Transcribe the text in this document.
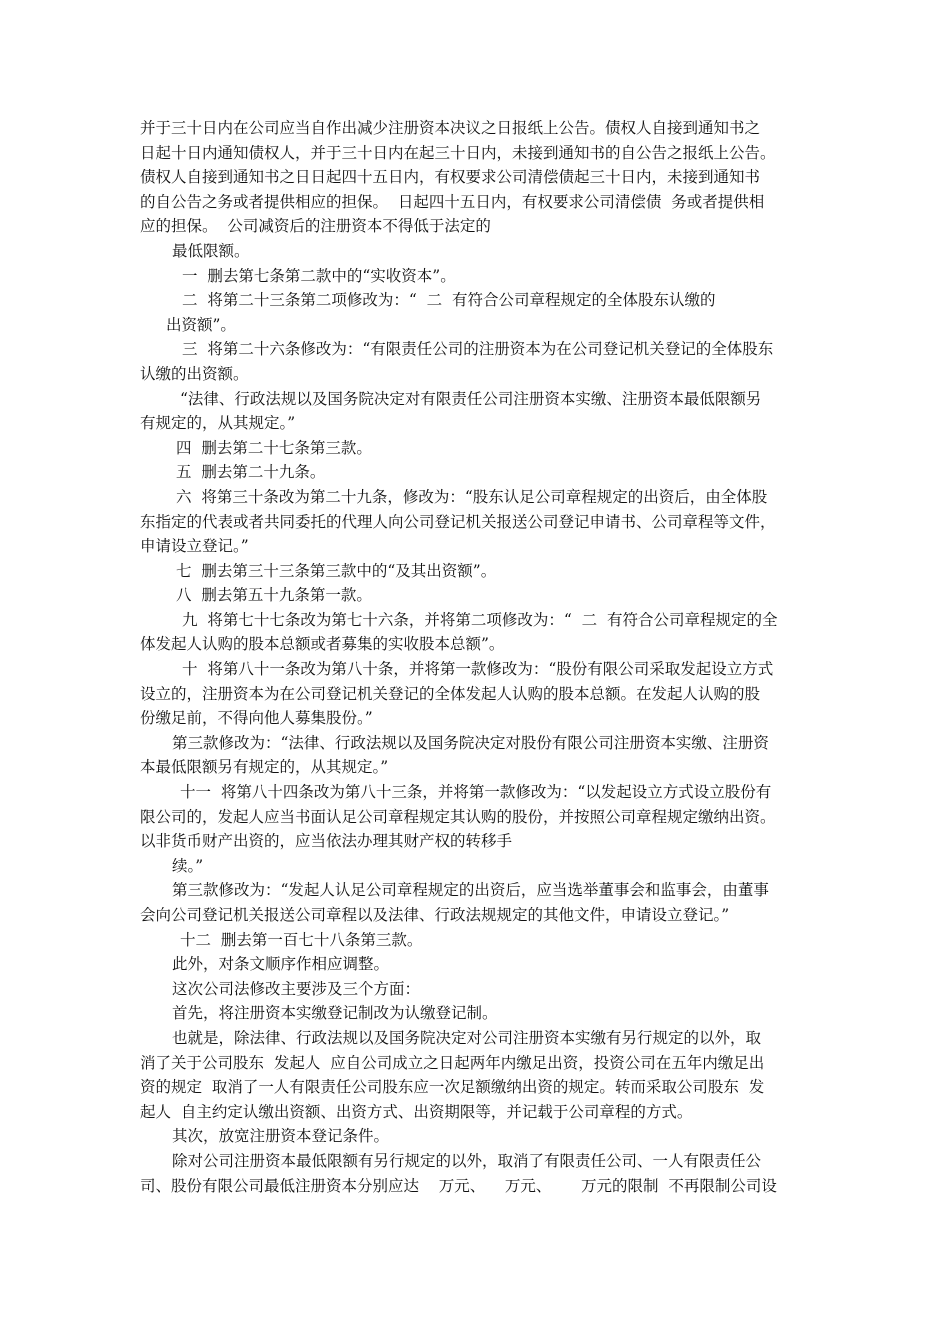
并于三十日内在公司应当自作出减少注册资本决议之日报纸上公告。债权人自接到通知书之
日起十日内通知债权人，并于三十日内在起三十日内，未接到通知书的自公告之报纸上公告。
债权人自接到通知书之日日起四十五日内，有权要求公司清偿债起三十日内，未接到通知书
的自公告之务或者提供相应的担保。  日起四十五日内，有权要求公司清偿债  务或者提供相
应的担保。  公司减资后的注册资本不得低于法定的
最低限额。
一  删去第七条第二款中的“实收资本”。
二  将第二十三条第二项修改为：“  二  有符合公司章程规定的全体股东认缴的
出资额”。
三  将第二十六条修改为：“有限责任公司的注册资本为在公司登记机关登记的全体股东
认缴的出资额。
“法律、行政法规以及国务院决定对有限责任公司注册资本实缴、注册资本最低限额另
有规定的，从其规定。”
四  删去第二十七条第三款。
五  删去第二十九条。
六  将第三十条改为第二十九条，修改为：“股东认足公司章程规定的出资后，由全体股
东指定的代表或者共同委托的代理人向公司登记机关报送公司登记申请书、公司章程等文件，
申请设立登记。”
七  删去第三十三条第三款中的“及其出资额”。
八  删去第五十九条第一款。
九  将第七十七条改为第七十六条，并将第二项修改为：“  二  有符合公司章程规定的全
体发起人认购的股本总额或者募集的实收股本总额”。
十  将第八十一条改为第八十条，并将第一款修改为：“股份有限公司采取发起设立方式
设立的，注册资本为在公司登记机关登记的全体发起人认购的股本总额。在发起人认购的股
份缴足前，不得向他人募集股份。”
第三款修改为：“法律、行政法规以及国务院决定对股份有限公司注册资本实缴、注册资
本最低限额另有规定的，从其规定。”
十一  将第八十四条改为第八十三条，并将第一款修改为：“以发起设立方式设立股份有
限公司的，发起人应当书面认足公司章程规定其认购的股份，并按照公司章程规定缴纳出资。
以非货币财产出资的，应当依法办理其财产权的转移手
续。”
第三款修改为：“发起人认足公司章程规定的出资后，应当选举董事会和监事会，由董事
会向公司登记机关报送公司章程以及法律、行政法规规定的其他文件，申请设立登记。”
十二  删去第一百七十八条第三款。
此外，对条文顺序作相应调整。
这次公司法修改主要涉及三个方面：
首先，将注册资本实缴登记制改为认缴登记制。
也就是，除法律、行政法规以及国务院决定对公司注册资本实缴有另行规定的以外，取
消了关于公司股东  发起人  应自公司成立之日起两年内缴足出资，投资公司在五年内缴足出
资的规定  取消了一人有限责任公司股东应一次足额缴纳出资的规定。转而采取公司股东  发
起人  自主约定认缴出资额、出资方式、出资期限等，并记载于公司章程的方式。
其次，放宽注册资本登记条件。
除对公司注册资本最低限额有另行规定的以外，取消了有限责任公司、一人有限责任公
司、股份有限公司最低注册资本分别应达    万元、    万元、      万元的限制  不再限制公司设
